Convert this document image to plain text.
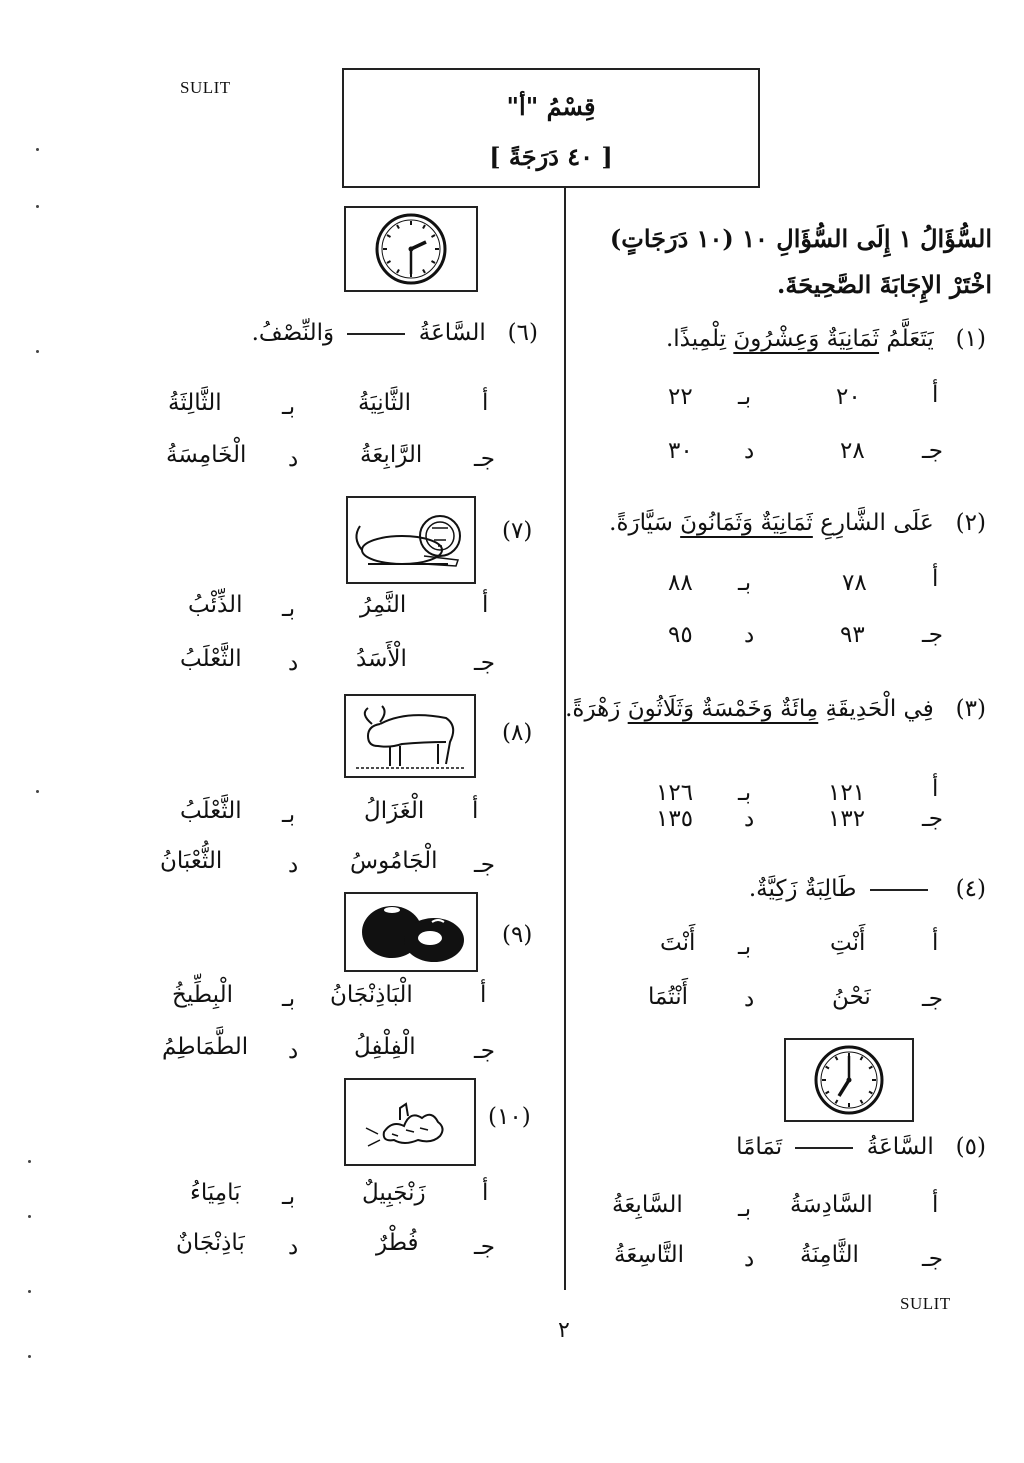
SULIT
قِسْمُ "أ"
[ ٤٠ دَرَجَةً ]
السُّؤَالُ ١ إِلَى السُّؤَالِ ١٠ (١٠ دَرَجَاتٍ)
اخْتَرْ الإِجَابَةَ الصَّحِيحَةَ.
(١)   يَتَعَلَّمُ ثَمَانِيَةٌ وَعِشْرُونَ تِلْمِيذًا.
أ
٢٠
بـ
٢٢
جـ
٢٨
د
٣٠
(٢)   عَلَى الشَّارِعِ ثَمَانِيَةٌ وَثَمَانُونَ سَيَّارَةً.
أ
٧٨
بـ
٨٨
جـ
٩٣
د
٩٥
(٣)   فِي الْحَدِيقَةِ مِائَةٌ وَخَمْسَةٌ وَثَلَاثُونَ زَهْرَةً.
أ
١٢١
بـ
١٢٦
جـ
١٣٢
د
١٣٥
(٤)    طَالِبَةٌ زَكِيَّةٌ.
أ
أَنْتِ
بـ
أَنْتَ
جـ
نَحْنُ
د
أَنْتُمَا
(٥)   السَّاعَةُ  تَمَامًا
أ
السَّادِسَةُ
بـ
السَّابِعَةُ
جـ
الثَّامِنَةُ
د
التَّاسِعَةُ
(٦)   السَّاعَةُ  وَالنِّصْفُ.
أ
الثَّانِيَةُ
بـ
الثَّالِثَةُ
جـ
الرَّابِعَةُ
د
الْخَامِسَةُ
(٧)
أ
النَّمِرُ
بـ
الذِّئْبُ
جـ
الْأَسَدُ
د
الثَّعْلَبُ
(٨)
أ
الْغَزَالُ
بـ
الثَّعْلَبُ
جـ
الْجَامُوسُ
د
الثُّعْبَانُ
(٩)
أ
الْبَاذِنْجَانُ
بـ
الْبِطِّيخُ
جـ
الْفِلْفِلُ
د
الطَّمَاطِمُ
(١٠)
أ
زَنْجَبِيلٌ
بـ
بَامِيَاءُ
جـ
فُطْرٌ
د
بَاذِنْجَانٌ
SULIT
٢
